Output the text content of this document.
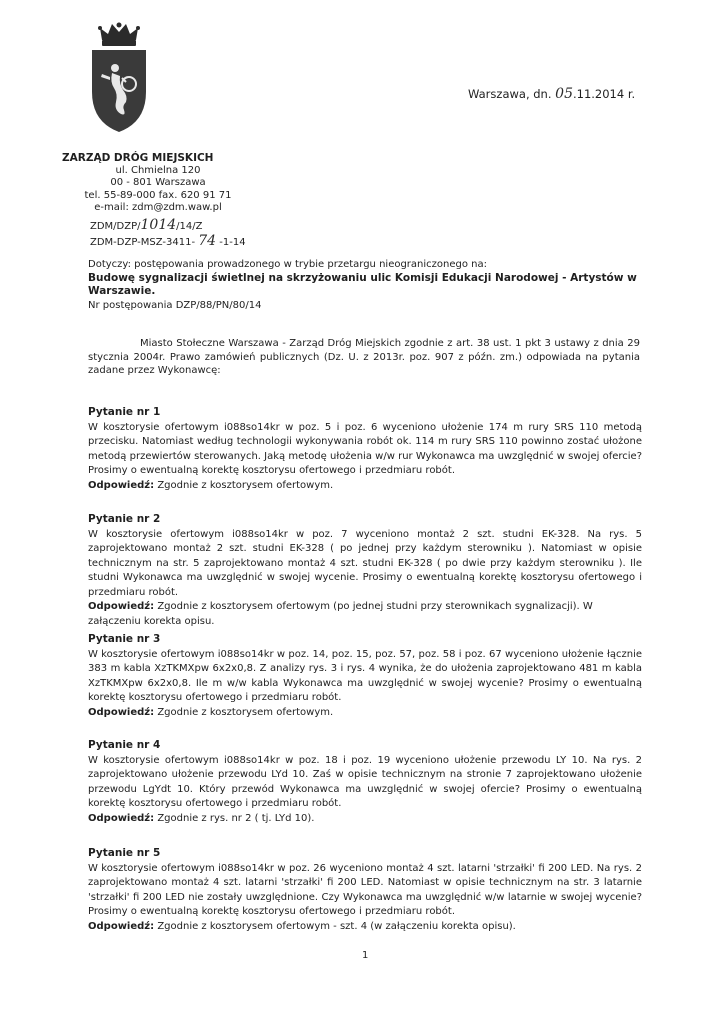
Warszawa, dn. 05.11.2014 r.
ZARZĄD DRÓG MIEJSKICH
ul. Chmielna 120
00 - 801 Warszawa
tel. 55-89-000 fax. 620 91 71
e-mail: zdm@zdm.waw.pl
ZDM/DZP/1014/14/Z
ZDM-DZP-MSZ-3411- 74 -1-14
Dotyczy: postępowania prowadzonego w trybie przetargu nieograniczonego na:
Budowę sygnalizacji świetlnej na skrzyżowaniu ulic Komisji Edukacji Narodowej - Artystów w Warszawie.
Nr postępowania DZP/88/PN/80/14
Miasto Stołeczne Warszawa - Zarząd Dróg Miejskich zgodnie z art. 38 ust. 1 pkt 3 ustawy z dnia 29 stycznia 2004r. Prawo zamówień publicznych (Dz. U. z 2013r. poz. 907 z późn. zm.) odpowiada na pytania zadane przez Wykonawcę:
Pytanie nr 1
W kosztorysie ofertowym i088so14kr w poz. 5 i poz. 6 wyceniono ułożenie 174 m rury SRS 110 metodą przecisku. Natomiast według technologii wykonywania robót ok. 114 m rury SRS 110 powinno zostać ułożone metodą przewiertów sterowanych. Jaką metodę ułożenia w/w rur Wykonawca ma uwzględnić w swojej ofercie? Prosimy o ewentualną korektę kosztorysu ofertowego i przedmiaru robót.
Odpowiedź: Zgodnie z kosztorysem ofertowym.
Pytanie nr 2
W kosztorysie ofertowym i088so14kr w poz. 7 wyceniono montaż 2 szt. studni EK-328. Na rys. 5 zaprojektowano montaż 2 szt. studni EK-328 ( po jednej przy każdym sterowniku ). Natomiast w opisie technicznym na str. 5 zaprojektowano montaż 4 szt. studni EK-328 ( po dwie przy każdym sterowniku ). Ile studni Wykonawca ma uwzględnić w swojej wycenie. Prosimy o ewentualną korektę kosztorysu ofertowego i przedmiaru robót.
Odpowiedź: Zgodnie z kosztorysem ofertowym (po jednej studni przy sterownikach sygnalizacji). W załączeniu korekta opisu.
Pytanie nr 3
W kosztorysie ofertowym i088so14kr w poz. 14, poz. 15, poz. 57, poz. 58 i poz. 67 wyceniono ułożenie łącznie 383 m kabla XzTKMXpw 6x2x0,8. Z analizy rys. 3 i rys. 4 wynika, że do ułożenia zaprojektowano 481 m kabla XzTKMXpw 6x2x0,8. Ile m w/w kabla Wykonawca ma uwzględnić w swojej wycenie? Prosimy o ewentualną korektę kosztorysu ofertowego i przedmiaru robót.
Odpowiedź: Zgodnie z kosztorysem ofertowym.
Pytanie nr 4
W kosztorysie ofertowym i088so14kr w poz. 18 i poz. 19 wyceniono ułożenie przewodu LY 10. Na rys. 2 zaprojektowano ułożenie przewodu LYd 10. Zaś w opisie technicznym na stronie 7 zaprojektowano ułożenie przewodu LgYdt 10. Który przewód Wykonawca ma uwzględnić w swojej ofercie? Prosimy o ewentualną korektę kosztorysu ofertowego i przedmiaru robót.
Odpowiedź: Zgodnie z rys. nr 2 ( tj. LYd 10).
Pytanie nr 5
W kosztorysie ofertowym i088so14kr w poz. 26 wyceniono montaż 4 szt. latarni 'strzałki' fi 200 LED. Na rys. 2 zaprojektowano montaż 4 szt. latarni 'strzałki' fi 200 LED. Natomiast w opisie technicznym na str. 3 latarnie 'strzałki' fi 200 LED nie zostały uwzględnione. Czy Wykonawca ma uwzględnić w/w latarnie w swojej wycenie? Prosimy o ewentualną korektę kosztorysu ofertowego i przedmiaru robót.
Odpowiedź: Zgodnie z kosztorysem ofertowym - szt. 4 (w załączeniu korekta opisu).
1
